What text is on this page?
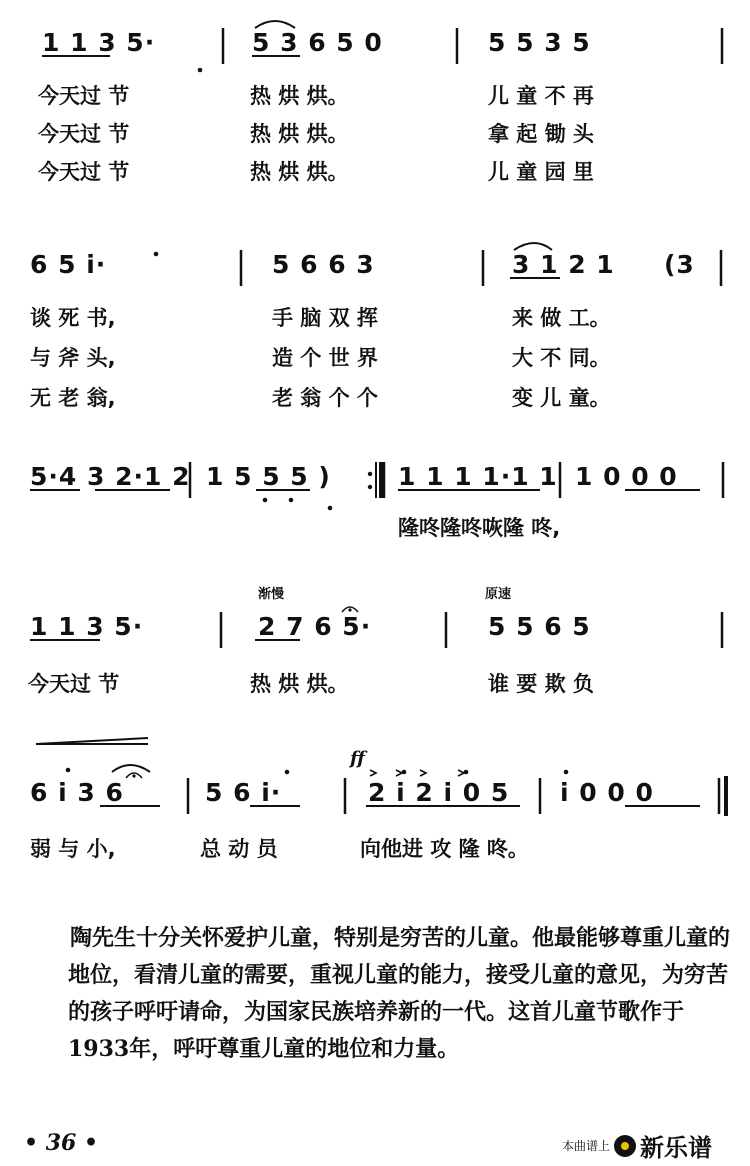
1 1 3 5·	5 3 6 5 0	5 5 3 5
今天过 节	热 烘 烘。	儿 童 不 再
今天过 节	热 烘 烘。	拿 起 锄 头
今天过 节	热 烘 烘。	儿 童 园 里
6 5 i·	5 6 6 3	3 1 2 1 (3
谈 死 书,	手 脑 双 挥	来 做 工。
与 斧 头,	造 个 世 界	大 不 同。
无 老 翁,	老 翁 个 个	变 儿 童。
5·4 3 2·1 2 1 5 5 5 )	1 1 1 1·1 1 1 0 0 0
隆咚隆咚咴隆 咚,
渐慢	原速
1 1 3 5·	2 7 6 5·	5 5 6 5
今天过 节	热 烘 烘。	谁 要 欺 负
ff
6 i 3 6	5 6 i·	2 i 2 i 0 5 i 0 0 0
弱 与 小,	总 动 员	向他进 攻 隆 咚。

陶先生十分关怀爱护儿童，特别是穷苦的儿童。他最能够尊重儿童的地位，看清儿童的需要，重视儿童的能力，接受儿童的意见，为穷苦的孩子呼吁请命，为国家民族培养新的一代。这首儿童节歌作于1933年，呼吁尊重儿童的地位和力量。

• 36 •	本曲谱上 新乐谱
